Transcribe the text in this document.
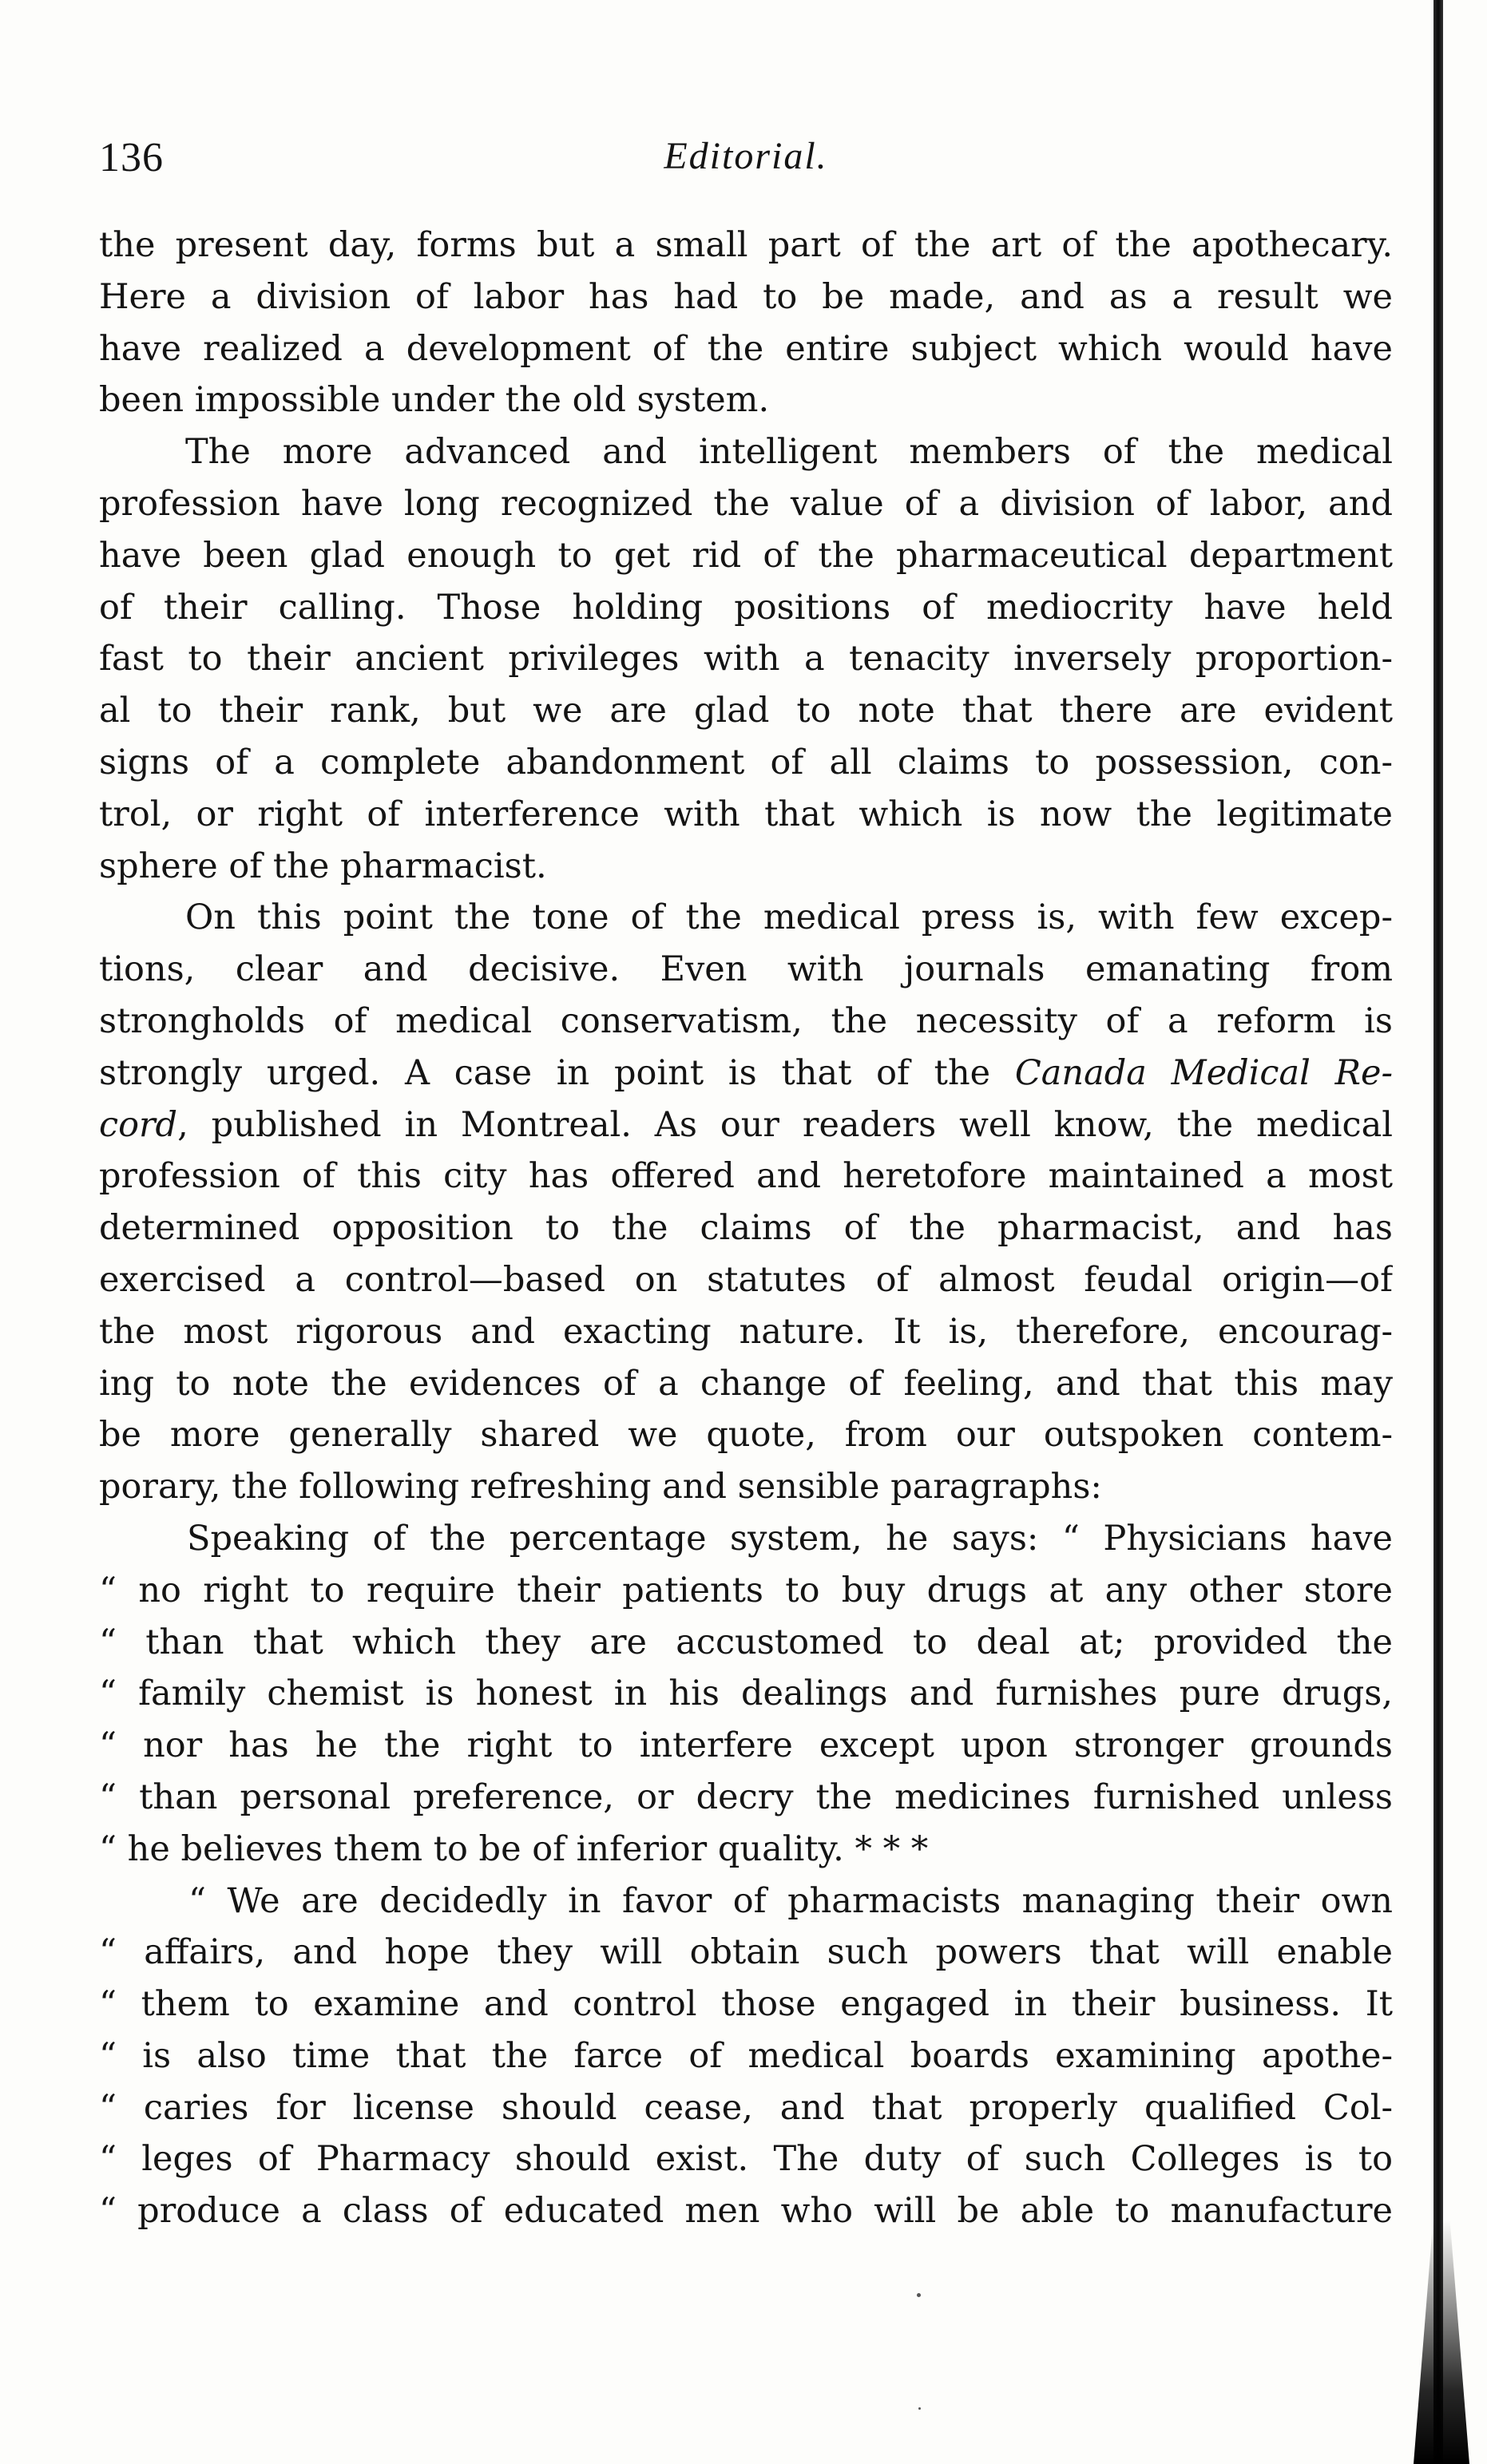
136	Editorial.
the present day, forms but a small part of the art of the apothecary.
Here a division of labor has had to be made, and as a result we
have realized a development of the entire subject which would have
been impossible under the old system.
The more advanced and intelligent members of the medical
profession have long recognized the value of a division of labor, and
have been glad enough to get rid of the pharmaceutical department
of their calling. Those holding positions of mediocrity have held
fast to their ancient privileges with a tenacity inversely proportion-
al to their rank, but we are glad to note that there are evident
signs of a complete abandonment of all claims to possession, con-
trol, or right of interference with that which is now the legitimate
sphere of the pharmacist.
On this point the tone of the medical press is, with few excep-
tions, clear and decisive. Even with journals emanating from
strongholds of medical conservatism, the necessity of a reform is
strongly urged. A case in point is that of the Canada Medical Re-
cord, published in Montreal. As our readers well know, the medical
profession of this city has offered and heretofore maintained a most
determined opposition to the claims of the pharmacist, and has
exercised a control—based on statutes of almost feudal origin—of
the most rigorous and exacting nature. It is, therefore, encourag-
ing to note the evidences of a change of feeling, and that this may
be more generally shared we quote, from our outspoken contem-
porary, the following refreshing and sensible paragraphs:
Speaking of the percentage system, he says: “ Physicians have
“ no right to require their patients to buy drugs at any other store
“ than that which they are accustomed to deal at; provided the
“ family chemist is honest in his dealings and furnishes pure drugs,
“ nor has he the right to interfere except upon stronger grounds
“ than personal preference, or decry the medicines furnished unless
“ he believes them to be of inferior quality. * * *
“ We are decidedly in favor of pharmacists managing their own
“ affairs, and hope they will obtain such powers that will enable
“ them to examine and control those engaged in their business. It
“ is also time that the farce of medical boards examining apothe-
“ caries for license should cease, and that properly qualified Col-
“ leges of Pharmacy should exist. The duty of such Colleges is to
“ produce a class of educated men who will be able to manufacture
